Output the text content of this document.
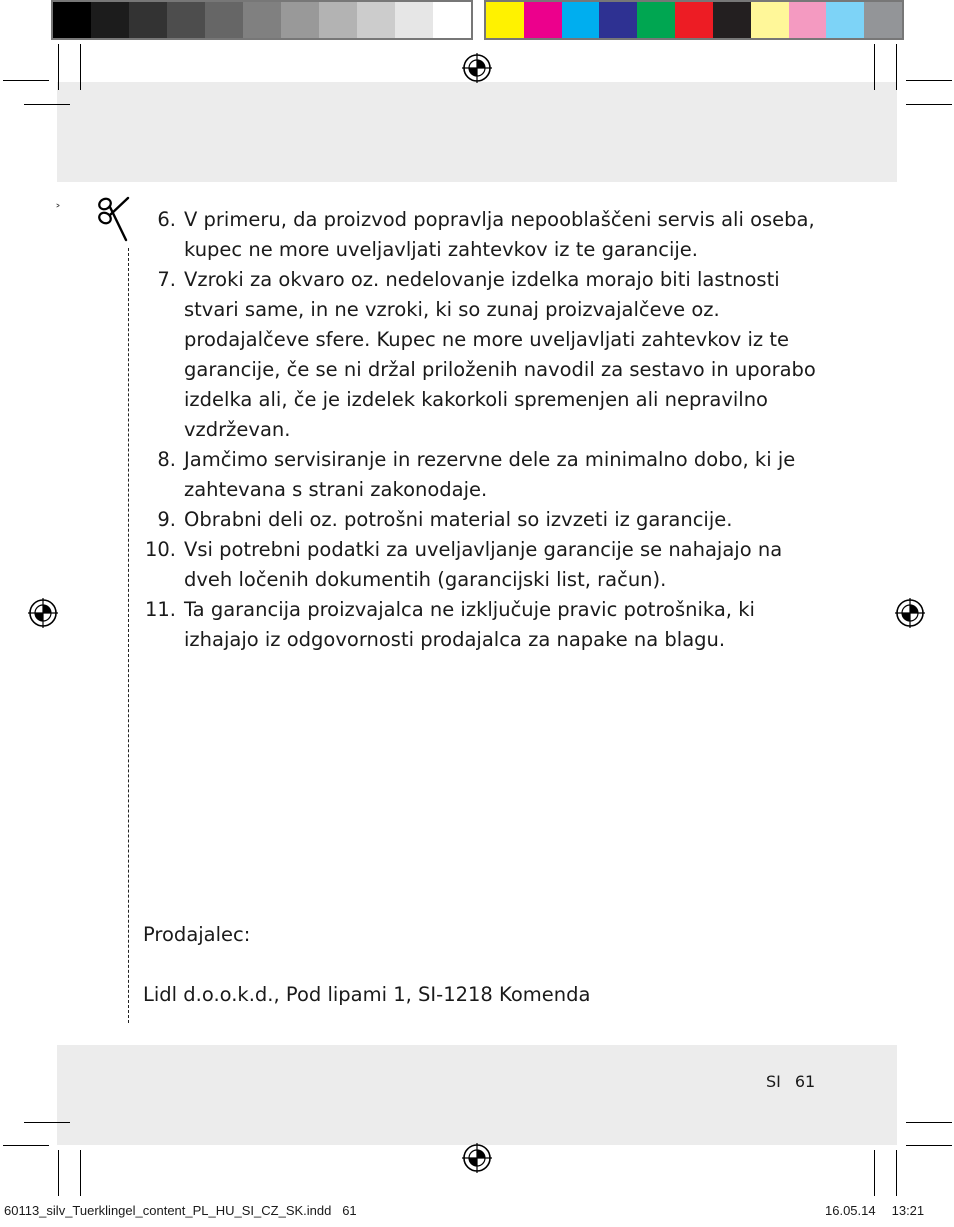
˃	6. V primeru, da proizvod popravlja nepooblaščeni servis ali oseba, kupec ne more uveljavljati zahtevkov iz te garancije.
7. Vzroki za okvaro oz. nedelovanje izdelka morajo biti lastnosti stvari same, in ne vzroki, ki so zunaj proizvajalčeve oz. prodajalčeve sfere. Kupec ne more uveljavljati zahtevkov iz te garancije, če se ni držal priloženih navodil za sestavo in uporabo izdelka ali, če je izdelek kakorkoli spremenjen ali nepravilno vzdrževan.
8. Jamčimo servisiranje in rezervne dele za minimalno dobo, ki je zahtevana s strani zakonodaje.
9. Obrabni deli oz. potrošni material so izvzeti iz garancije.
10. Vsi potrebni podatki za uveljavljanje garancije se nahajajo na dveh ločenih dokumentih (garancijski list, račun).
11. Ta garancija proizvajalca ne izključuje pravic potrošnika, ki izhajajo iz odgovornosti prodajalca za napake na blagu.
Prodajalec:
Lidl d.o.o.k.d., Pod lipami 1, SI-1218 Komenda
SI 61
60113_silv_Tuerklingel_content_PL_HU_SI_CZ_SK.indd   61	16.05.14 13:21
